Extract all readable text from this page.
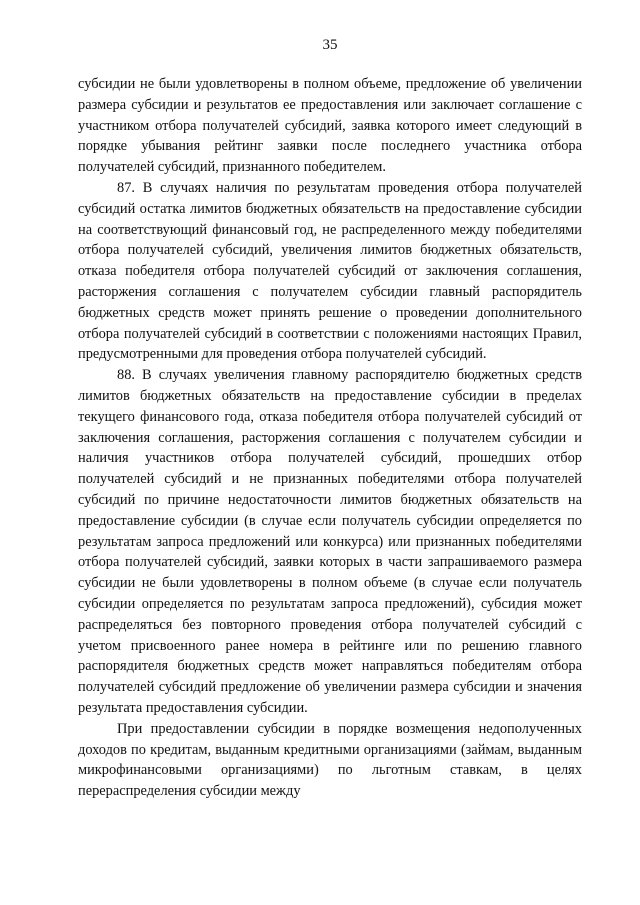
35

субсидии не были удовлетворены в полном объеме, предложение об увеличении размера субсидии и результатов ее предоставления или заключает соглашение с участником отбора получателей субсидий, заявка которого имеет следующий в порядке убывания рейтинг заявки после последнего участника отбора получателей субсидий, признанного победителем.

87. В случаях наличия по результатам проведения отбора получателей субсидий остатка лимитов бюджетных обязательств на предоставление субсидии на соответствующий финансовый год, не распределенного между победителями отбора получателей субсидий, увеличения лимитов бюджетных обязательств, отказа победителя отбора получателей субсидий от заключения соглашения, расторжения соглашения с получателем субсидии главный распорядитель бюджетных средств может принять решение о проведении дополнительного отбора получателей субсидий в соответствии с положениями настоящих Правил, предусмотренными для проведения отбора получателей субсидий.

88. В случаях увеличения главному распорядителю бюджетных средств лимитов бюджетных обязательств на предоставление субсидии в пределах текущего финансового года, отказа победителя отбора получателей субсидий от заключения соглашения, расторжения соглашения с получателем субсидии и наличия участников отбора получателей субсидий, прошедших отбор получателей субсидий и не признанных победителями отбора получателей субсидий по причине недостаточности лимитов бюджетных обязательств на предоставление субсидии (в случае если получатель субсидии определяется по результатам запроса предложений или конкурса) или признанных победителями отбора получателей субсидий, заявки которых в части запрашиваемого размера субсидии не были удовлетворены в полном объеме (в случае если получатель субсидии определяется по результатам запроса предложений), субсидия может распределяться без повторного проведения отбора получателей субсидий с учетом присвоенного ранее номера в рейтинге или по решению главного распорядителя бюджетных средств может направляться победителям отбора получателей субсидий предложение об увеличении размера субсидии и значения результата предоставления субсидии.

При предоставлении субсидии в порядке возмещения недополученных доходов по кредитам, выданным кредитными организациями (займам, выданным микрофинансовыми организациями) по льготным ставкам, в целях перераспределения субсидии между
